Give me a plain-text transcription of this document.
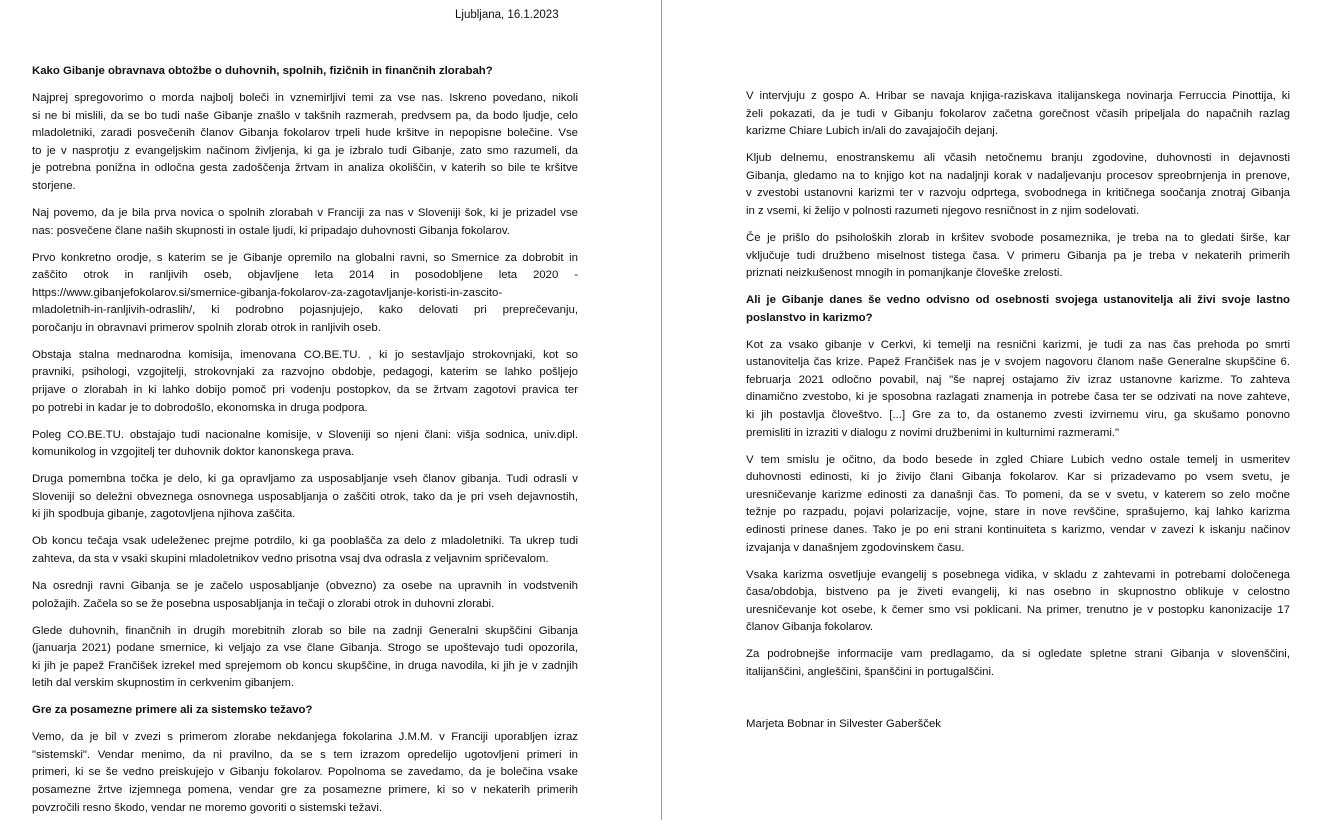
Ljubljana, 16.1.2023
Kako Gibanje obravnava obtožbe o duhovnih, spolnih, fizičnih in finančnih zlorabah?
Najprej spregovorimo o morda najbolj boleči in vznemirljivi temi za vse nas. Iskreno povedano, nikoli
si ne bi mislili, da se bo tudi naše Gibanje znašlo v takšnih razmerah, predvsem pa, da bodo ljudje, celo
mladoletniki, zaradi posvečenih članov Gibanja fokolarov trpeli hude kršitve in nepopisne bolečine. Vse
to je v nasprotju z evangeljskim načinom življenja, ki ga je izbralo tudi Gibanje, zato smo razumeli, da
je potrebna ponižna in odločna gesta zadoščenja žrtvam in analiza okoliščin, v katerih so bile te kršitve
storjene.
Naj povemo, da je bila prva novica o spolnih zlorabah v Franciji za nas v Sloveniji šok, ki je prizadel vse
nas: posvečene člane naših skupnosti in ostale ljudi, ki pripadajo duhovnosti Gibanja fokolarov.
Prvo konkretno orodje, s katerim se je Gibanje opremilo na globalni ravni, so Smernice za dobrobit in
zaščito otrok in ranljivih oseb, objavljene leta 2014 in posodobljene leta 2020 -
https://www.gibanjefokolarov.si/smernice-gibanja-fokolarov-za-zagotavljanje-koristi-in-zascito-
mladoletnih-in-ranljivih-odraslih/, ki podrobno pojasnjujejo, kako delovati pri preprečevanju,
poročanju in obravnavi primerov spolnih zlorab otrok in ranljivih oseb.
Obstaja stalna mednarodna komisija, imenovana CO.BE.TU. , ki jo sestavljajo strokovnjaki, kot so
pravniki, psihologi, vzgojitelji, strokovnjaki za razvojno obdobje, pedagogi, katerim se lahko pošljejo
prijave o zlorabah in ki lahko dobijo pomoč pri vodenju postopkov, da se žrtvam zagotovi pravica ter
po potrebi in kadar je to dobrodošlo, ekonomska in druga podpora.
Poleg CO.BE.TU. obstajajo tudi nacionalne komisije, v Sloveniji so njeni člani: višja sodnica, univ.dipl.
komunikolog in vzgojitelj ter duhovnik doktor kanonskega prava.
Druga pomembna točka je delo, ki ga opravljamo za usposabljanje vseh članov gibanja. Tudi odrasli v
Sloveniji so deležni obveznega osnovnega usposabljanja o zaščiti otrok, tako da je pri vseh dejavnostih,
ki jih spodbuja gibanje, zagotovljena njihova zaščita.
Ob koncu tečaja vsak udeleženec prejme potrdilo, ki ga pooblašča za delo z mladoletniki. Ta ukrep tudi
zahteva, da sta v vsaki skupini mladoletnikov vedno prisotna vsaj dva odrasla z veljavnim spričevalom.
Na osrednji ravni Gibanja se je začelo usposabljanje (obvezno) za osebe na upravnih in vodstvenih
položajih. Začela so se že posebna usposabljanja in tečaji o zlorabi otrok in duhovni zlorabi.
Glede duhovnih, finančnih in drugih morebitnih zlorab so bile na zadnji Generalni skupščini Gibanja
(januarja 2021) podane smernice, ki veljajo za vse člane Gibanja. Strogo se upoštevajo tudi opozorila,
ki jih je papež Frančišek izrekel med sprejemom ob koncu skupščine, in druga navodila, ki jih je v zadnjih
letih dal verskim skupnostim in cerkvenim gibanjem.
Gre za posamezne primere ali za sistemsko težavo?
Vemo, da je bil v zvezi s primerom zlorabe nekdanjega fokolarina J.M.M. v Franciji uporabljen izraz
"sistemski". Vendar menimo, da ni pravilno, da se s tem izrazom opredelijo ugotovljeni primeri in
primeri, ki se še vedno preiskujejo v Gibanju fokolarov. Popolnoma se zavedamo, da je bolečina vsake
posamezne žrtve izjemnega pomena, vendar gre za posamezne primere, ki so v nekaterih primerih
povzročili resno škodo, vendar ne moremo govoriti o sistemski težavi.
V intervjuju z gospo A. Hribar se navaja knjiga-raziskava italijanskega novinarja Ferruccia Pinottija, ki
želi pokazati, da je tudi v Gibanju fokolarov začetna gorečnost včasih pripeljala do napačnih razlag
karizme Chiare Lubich in/ali do zavajajočih dejanj.
Kljub delnemu, enostranskemu ali včasih netočnemu branju zgodovine, duhovnosti in dejavnosti
Gibanja, gledamo na to knjigo kot na nadaljnji korak v nadaljevanju procesov spreobrnjenja in prenove,
v zvestobi ustanovni karizmi ter v razvoju odprtega, svobodnega in kritičnega soočanja znotraj Gibanja
in z vsemi, ki želijo v polnosti razumeti njegovo resničnost in z njim sodelovati.
Če je prišlo do psiholoških zlorab in kršitev svobode posameznika, je treba na to gledati širše, kar
vključuje tudi družbeno miselnost tistega časa. V primeru Gibanja pa je treba v nekaterih primerih
priznati neizkušenost mnogih in pomanjkanje človeške zrelosti.
Ali je Gibanje danes še vedno odvisno od osebnosti svojega ustanovitelja ali živi svoje lastno
poslanstvo in karizmo?
Kot za vsako gibanje v Cerkvi, ki temelji na resnični karizmi, je tudi za nas čas prehoda po smrti
ustanovitelja čas krize. Papež Frančišek nas je v svojem nagovoru članom naše Generalne skupščine 6.
februarja 2021 odločno povabil, naj "še naprej ostajamo živ izraz ustanovne karizme. To zahteva
dinamično zvestobo, ki je sposobna razlagati znamenja in potrebe časa ter se odzivati na nove zahteve,
ki jih postavlja človeštvo. [...] Gre za to, da ostanemo zvesti izvirnemu viru, ga skušamo ponovno
premisliti in izraziti v dialogu z novimi družbenimi in kulturnimi razmerami."
V tem smislu je očitno, da bodo besede in zgled Chiare Lubich vedno ostale temelj in usmeritev
duhovnosti edinosti, ki jo živijo člani Gibanja fokolarov. Kar si prizadevamo po vsem svetu, je
uresničevanje karizme edinosti za današnji čas. To pomeni, da se v svetu, v katerem so zelo močne
težnje po razpadu, pojavi polarizacije, vojne, stare in nove revščine, sprašujemo, kaj lahko karizma
edinosti prinese danes. Tako je po eni strani kontinuiteta s karizmo, vendar v zavezi k iskanju načinov
izvajanja v današnjem zgodovinskem času.
Vsaka karizma osvetljuje evangelij s posebnega vidika, v skladu z zahtevami in potrebami določenega
časa/obdobja, bistveno pa je živeti evangelij, ki nas osebno in skupnostno oblikuje v celostno
uresničevanje kot osebe, k čemer smo vsi poklicani. Na primer, trenutno je v postopku kanonizacije 17
članov Gibanja fokolarov.
Za podrobnejše informacije vam predlagamo, da si ogledate spletne strani Gibanja v slovenščini,
italijanščini, angleščini, španščini in portugalščini.
Marjeta Bobnar in Silvester Gaberšček
